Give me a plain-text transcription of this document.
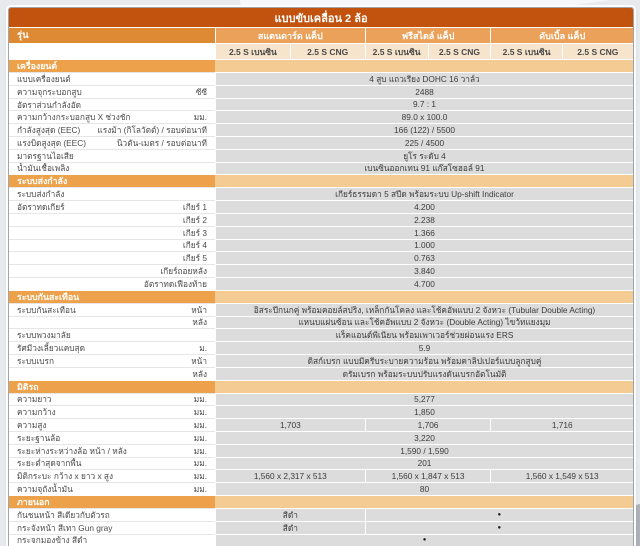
แบบขับเคลื่อน 2 ล้อ
รุ่น	สแตนดาร์ด แค็ป	ฟรีสไตล์ แค็ป	ดับเบิ้ล แค็ป
2.5 S เบนซิน	2.5 S CNG	2.5 S เบนซิน	2.5 S CNG	2.5 S เบนซิน	2.5 S CNG
เครื่องยนต์
แบบเครื่องยนต์	4 สูบ แถวเรียง DOHC 16 วาล์ว
ความจุกระบอกสูบ	ซีซี	2488
อัตราส่วนกำลังอัด	9.7 : 1
ความกว้างกระบอกสูบ X ช่วงชัก	มม.	89.0 x 100.0
กำลังสูงสุด (EEC) แรงม้า (กิโลวัตต์) / รอบต่อนาที	166 (122) / 5500
แรงบิดสูงสุด (EEC)	นิวตัน-เมตร / รอบต่อนาที	225 / 4500
มาตรฐานไอเสีย	ยูโร ระดับ 4
น้ำมันเชื้อเพลิง	เบนซินออกเทน 91 แก๊สโซฮอล์ 91
ระบบส่งกำลัง
ระบบส่งกำลัง	เกียร์ธรรมดา 5 สปีด พร้อมระบบ Up-shift Indicator
อัตราทดเกียร์	เกียร์ 1	4.200
เกียร์ 2	2.238
เกียร์ 3	1.366
เกียร์ 4	1.000
เกียร์ 5	0.763
เกียร์ถอยหลัง	3.840
อัตราทดเฟืองท้าย	4.700
ระบบกันสะเทือน
ระบบกันสะเทือน	หน้า	อิสระปีกนกคู่ พร้อมคอยล์สปริง, เหล็กกันโคลง และโช้คอัพแบบ 2 จังหวะ (Tubular Double Acting)
หลัง	แหนบแผ่นซ้อน และโช้คอัพแบบ 2 จังหวะ (Double Acting) ไขว้ทแยงมุม
ระบบพวงมาลัย	แร็คแอนด์พีเนียน พร้อมเพาเวอร์ช่วยผ่อนแรง ERS
รัศมีวงเลี้ยวแคบสุด	ม.	5.9
ระบบเบรก	หน้า	ดิสก์เบรก แบบมีครีบระบายความร้อน พร้อมคาลิปเปอร์แบบลูกสูบคู่
หลัง	ดรัมเบรก พร้อมระบบปรับแรงดันเบรกอัตโนมัติ
มิติรถ
ความยาว	มม.	5,277
ความกว้าง	มม.	1,850
ความสูง	มม.	1,703	1,706	1,716
ระยะฐานล้อ	มม.	3,220
ระยะห่างระหว่างล้อ หน้า / หลัง	มม.	1,590 / 1,590
ระยะต่ำสุดจากพื้น	มม.	201
มิติกระบะ กว้าง x ยาว x สูง	มม.	1,560 x 2,317 x 513	1,560 x 1,847 x 513	1,560 x 1,549 x 513
ความจุถังน้ำมัน	มม.	80
ภายนอก
กันชนหน้า สีเดียวกับตัวรถ	สีดำ	●
กระจังหน้า สีเทา Gun gray	สีดำ	●
กระจกมองข้าง สีดำ	●
